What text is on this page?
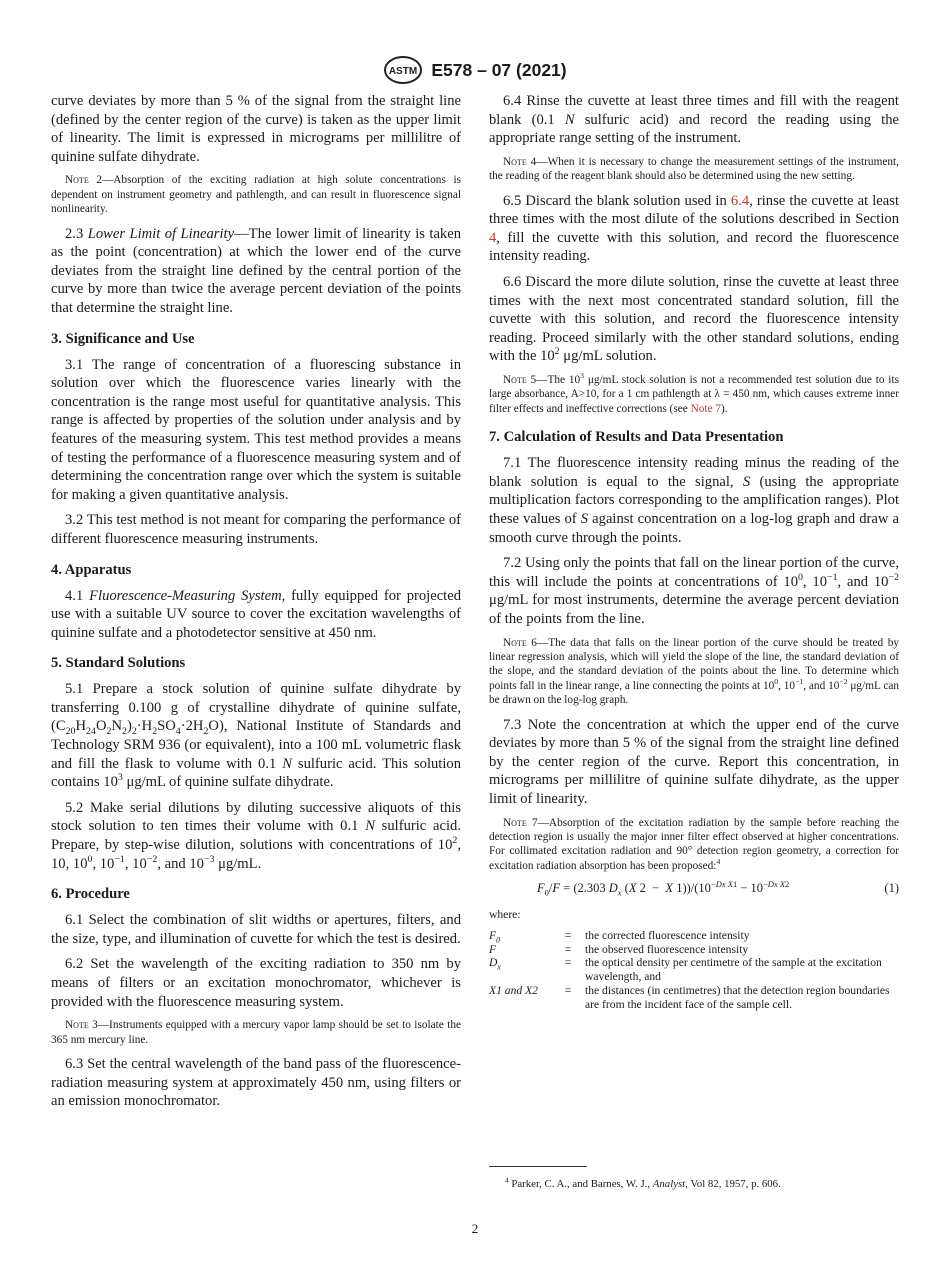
ASTM E578 – 07 (2021)

curve deviates by more than 5 % of the signal from the straight line (defined by the center region of the curve) is taken as the upper limit of linearity. The limit is expressed in micrograms per millilitre of quinine sulfate dihydrate.

Note 2—Absorption of the exciting radiation at high solute concentrations is dependent on instrument geometry and pathlength, and can result in fluorescence signal nonlinearity.

2.3 Lower Limit of Linearity—The lower limit of linearity is taken as the point (concentration) at which the lower end of the curve deviates from the straight line defined by the central portion of the curve by more than twice the average percent deviation of the points that determine the straight line.

3. Significance and Use

3.1 The range of concentration of a fluorescing substance in solution over which the fluorescence varies linearly with the concentration is the range most useful for quantitative analysis. This range is affected by properties of the solution under analysis and by features of the measuring system. This test method provides a means of testing the performance of a fluorescence measuring system and of determining the concentration range over which the system is suitable for making a given quantitative analysis.

3.2 This test method is not meant for comparing the performance of different fluorescence measuring instruments.

4. Apparatus

4.1 Fluorescence-Measuring System, fully equipped for projected use with a suitable UV source to cover the excitation wavelengths of quinine sulfate and a photodetector sensitive at 450 nm.

5. Standard Solutions

5.1 Prepare a stock solution of quinine sulfate dihydrate by transferring 0.100 g of crystalline dihydrate of quinine sulfate, $(C_{20}H_{24}O_2N_2)_2\cdot H_2SO_4\cdot 2H_2O$), National Institute of Standards and Technology SRM 936 (or equivalent), into a 100 mL volumetric flask and fill the flask to volume with 0.1 N sulfuric acid. This solution contains $10^3$ μg/mL of quinine sulfate dihydrate.

5.2 Make serial dilutions by diluting successive aliquots of this stock solution to ten times their volume with 0.1 N sulfuric acid. Prepare, by step-wise dilution, solutions with concentrations of $10^2$, 10, $10^0$, $10^{-1}$, $10^{-2}$, and $10^{-3}$ μg/mL.

6. Procedure

6.1 Select the combination of slit widths or apertures, filters, and the size, type, and illumination of cuvette for which the test is desired.

6.2 Set the wavelength of the exciting radiation to 350 nm by means of filters or an excitation monochromator, whichever is provided with the fluorescence measuring system.

Note 3—Instruments equipped with a mercury vapor lamp should be set to isolate the 365 nm mercury line.

6.3 Set the central wavelength of the band pass of the fluorescence-radiation measuring system at approximately 450 nm, using filters or an emission monochromator.

6.4 Rinse the cuvette at least three times and fill with the reagent blank (0.1 N sulfuric acid) and record the reading using the appropriate range setting of the instrument.

Note 4—When it is necessary to change the measurement settings of the instrument, the reading of the reagent blank should also be determined using the new setting.

6.5 Discard the blank solution used in 6.4, rinse the cuvette at least three times with the most dilute of the solutions described in Section 4, fill the cuvette with this solution, and record the fluorescence intensity reading.

6.6 Discard the more dilute solution, rinse the cuvette at least three times with the next most concentrated standard solution, fill the cuvette with this solution, and record the fluorescence intensity reading. Proceed similarly with the other standard solutions, ending with the $10^2$ μg/mL solution.

Note 5—The $10^3$ μg/mL stock solution is not a recommended test solution due to its large absorbance, A>10, for a 1 cm pathlength at λ = 450 nm, which causes extreme inner filter effects and ineffective corrections (see Note 7).

7. Calculation of Results and Data Presentation

7.1 The fluorescence intensity reading minus the reading of the blank solution is equal to the signal, S (using the appropriate multiplication factors corresponding to the amplification ranges). Plot these values of S against concentration on a log-log graph and draw a smooth curve through the points.

7.2 Using only the points that fall on the linear portion of the curve, this will include the points at concentrations of $10^0$, $10^{-1}$, and $10^{-2}$ μg/mL for most instruments, determine the average percent deviation of the points from the line.

Note 6—The data that falls on the linear portion of the curve should be treated by linear regression analysis, which will yield the slope of the line, the standard deviation of the slope, and the standard deviation of the points about the line. To determine which points fall in the linear range, a line connecting the points at $10^0$, $10^{-1}$, and $10^{-2}$ μg/mL can be drawn on the log-log graph.

7.3 Note the concentration at which the upper end of the curve deviates by more than 5 % of the signal from the straight line defined by the center region of the curve. Report this concentration, in micrograms per millilitre of quinine sulfate dihydrate, as the upper limit of linearity.

Note 7—Absorption of the excitation radiation by the sample before reaching the detection region is usually the major inner filter effect observed at higher concentrations. For collimated excitation radiation and 90° detection region geometry, a correction for excitation radiation absorption has been proposed:$^4$

$F_0/F = (2.303$ $D_x$ (X 2  −  X $1))/(10^{-Dx X1} - 10^{-Dx X2}$	(1)

where:

$F_0$	=	the corrected fluorescence intensity
F	=	the observed fluorescence intensity
$D_x$	=	the optical density per centimetre of the sample at the excitation wavelength, and
X1 and X2	=	the distances (in centimetres) that the detection region boundaries are from the incident face of the sample cell.
$^4$ Parker, C. A., and Barnes, W. J., Analyst, Vol 82, 1957, p. 606.
2
